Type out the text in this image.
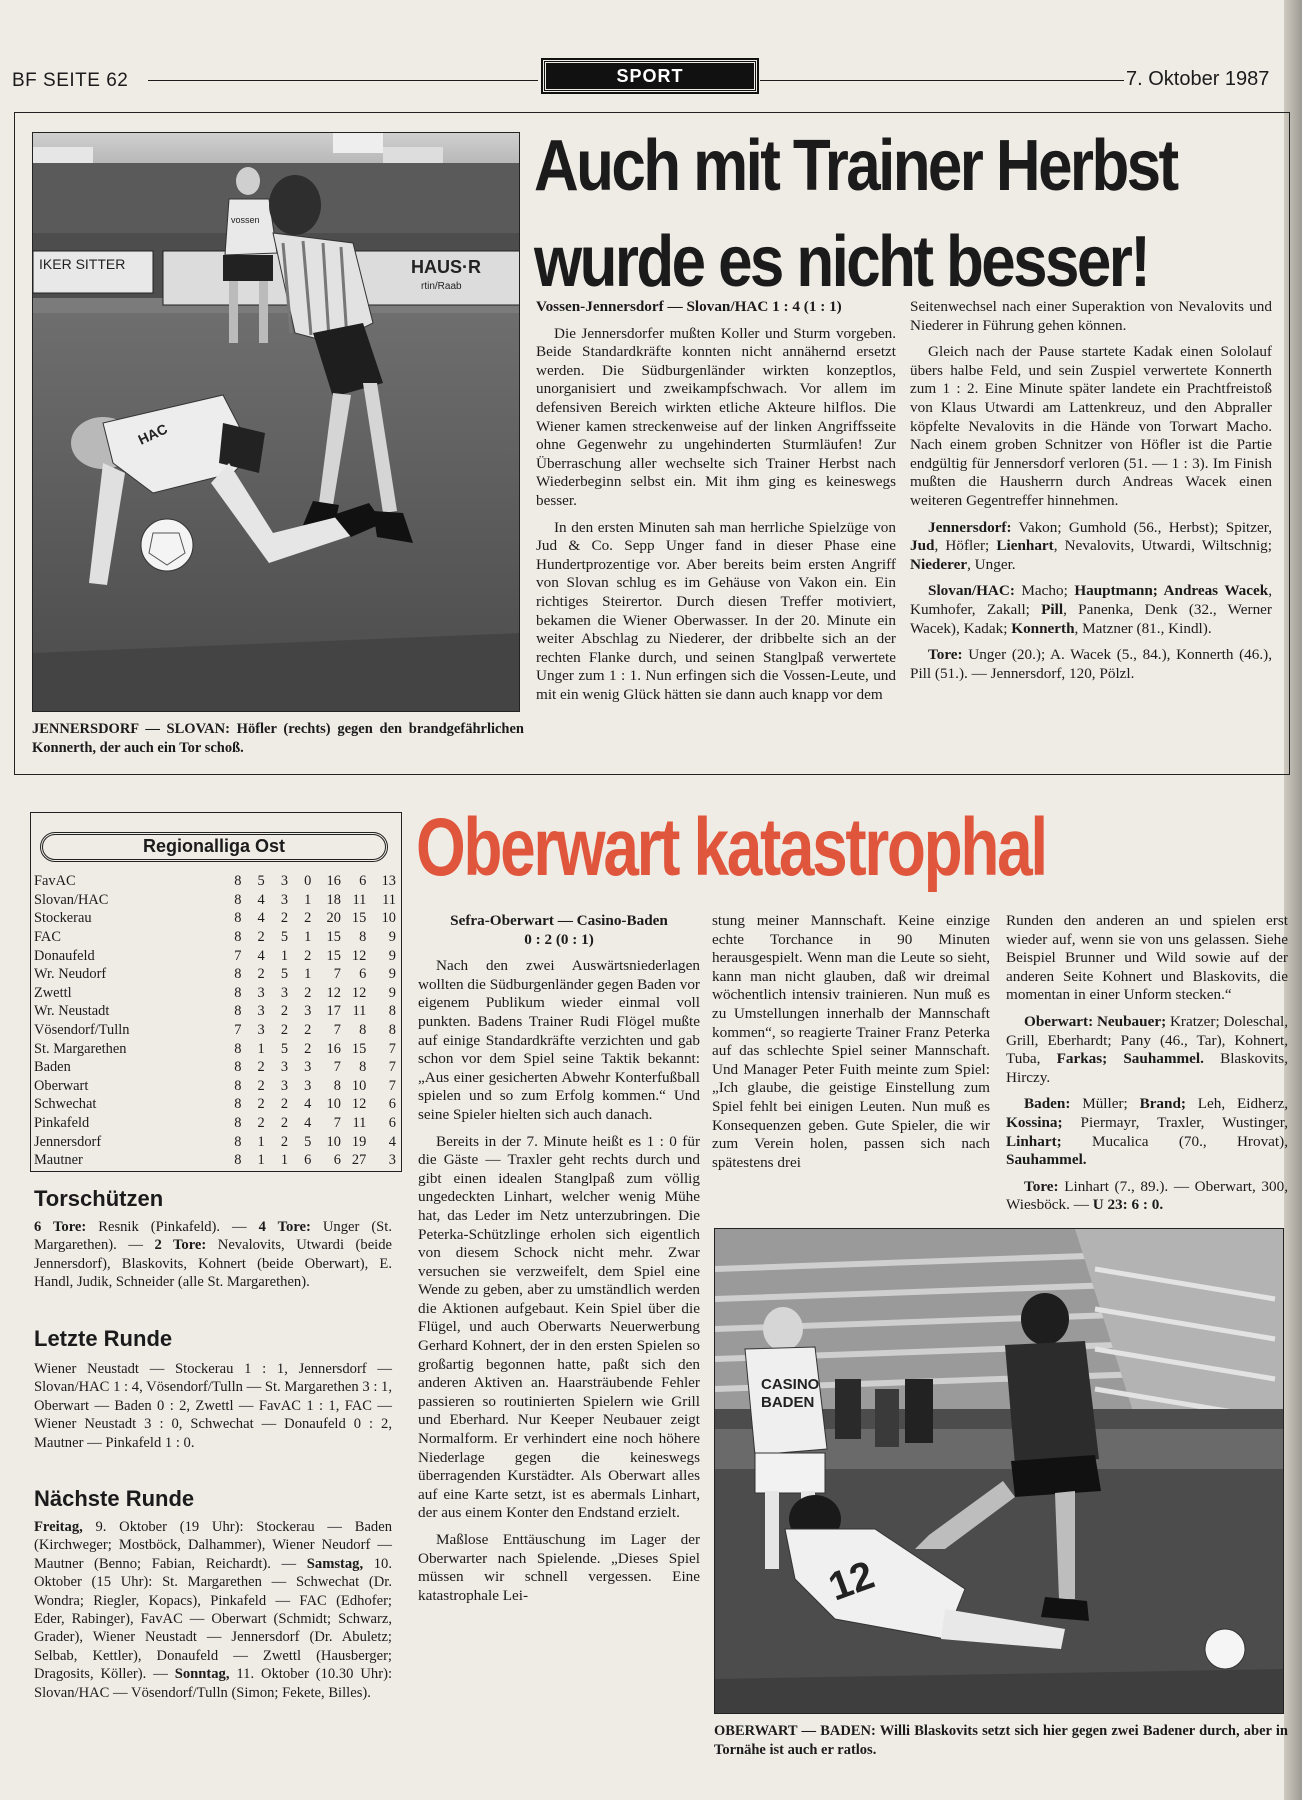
BF SEITE 62	SPORT	7. Oktober 1987
IKER SITTER	HAUS·R
rtin/Raab
vossen
HAC
JENNERSDORF — SLOVAN: Höfler (rechts) gegen den brandgefährlichen Konnerth, der auch ein Tor schoß.
Auch mit Trainer Herbst
wurde es nicht besser!

Vossen-Jennersdorf — Slovan/HAC 1 : 4 (1 : 1)

Die Jennersdorfer mußten Koller und Sturm vorgeben. Beide Standardkräfte konnten nicht annähernd ersetzt werden. Die Südburgenländer wirkten konzeptlos, unorganisiert und zweikampfschwach. Vor allem im defensiven Bereich wirkten etliche Akteure hilflos. Die Wiener kamen streckenweise auf der linken Angriffsseite ohne Gegenwehr zu ungehinderten Sturmläufen! Zur Überraschung aller wechselte sich Trainer Herbst nach Wiederbeginn selbst ein. Mit ihm ging es keineswegs besser.

In den ersten Minuten sah man herrliche Spielzüge von Jud & Co. Sepp Unger fand in dieser Phase eine Hundertprozentige vor. Aber bereits beim ersten Angriff von Slovan schlug es im Gehäuse von Vakon ein. Ein richtiges Steirertor. Durch diesen Treffer motiviert, bekamen die Wiener Oberwasser. In der 20. Minute ein weiter Abschlag zu Niederer, der dribbelte sich an der rechten Flanke durch, und seinen Stanglpaß verwertete Unger zum 1 : 1. Nun erfingen sich die Vossen-Leute, und mit ein wenig Glück hätten sie dann auch knapp vor dem

Seitenwechsel nach einer Superaktion von Nevalovits und Niederer in Führung gehen können.

Gleich nach der Pause startete Kadak einen Sololauf übers halbe Feld, und sein Zuspiel verwertete Konnerth zum 1 : 2. Eine Minute später landete ein Prachtfreistoß von Klaus Utwardi am Lattenkreuz, und den Abpraller köpfelte Nevalovits in die Hände von Torwart Macho. Nach einem groben Schnitzer von Höfler ist die Partie endgültig für Jennersdorf verloren (51. — 1 : 3). Im Finish mußten die Hausherrn durch Andreas Wacek einen weiteren Gegentreffer hinnehmen.

Jennersdorf: Vakon; Gumhold (56., Herbst); Spitzer, Jud, Höfler; Lienhart, Nevalovits, Utwardi, Wiltschnig; Niederer, Unger.

Slovan/HAC: Macho; Hauptmann; Andreas Wacek, Kumhofer, Zakall; Pill, Panenka, Denk (32., Werner Wacek), Kadak; Konnerth, Matzner (81., Kindl).

Tore: Unger (20.); A. Wacek (5., 84.), Konnerth (46.), Pill (51.). — Jennersdorf, 120, Pölzl.

Regionalliga Ost
FavAC	8	5	3	0	16	6	13
Slovan/HAC	8	4	3	1	18	11	11
Stockerau	8	4	2	2	20	15	10
FAC	8	2	5	1	15	8	9
Donaufeld	7	4	1	2	15	12	9
Wr. Neudorf	8	2	5	1	7	6	9
Zwettl	8	3	3	2	12	12	9
Wr. Neustadt	8	3	2	3	17	11	8
Vösendorf/Tulln	7	3	2	2	7	8	8
St. Margarethen	8	1	5	2	16	15	7
Baden	8	2	3	3	7	8	7
Oberwart	8	2	3	3	8	10	7
Schwechat	8	2	2	4	10	12	6
Pinkafeld	8	2	2	4	7	11	6
Jennersdorf	8	1	2	5	10	19	4
Mautner	8	1	1	6	6	27	3
Torschützen
6 Tore: Resnik (Pinkafeld). — 4 Tore: Unger (St. Margarethen). — 2 Tore: Nevalovits, Utwardi (beide Jennersdorf), Blaskovits, Kohnert (beide Oberwart), E. Handl, Judik, Schneider (alle St. Margarethen).
Letzte Runde
Wiener Neustadt — Stockerau 1 : 1, Jennersdorf — Slovan/HAC 1 : 4, Vösendorf/Tulln — St. Margarethen 3 : 1, Oberwart — Baden 0 : 2, Zwettl — FavAC 1 : 1, FAC — Wiener Neustadt 3 : 0, Schwechat — Donaufeld 0 : 2, Mautner — Pinkafeld 1 : 0.
Nächste Runde
Freitag, 9. Oktober (19 Uhr): Stockerau — Baden (Kirchweger; Mostböck, Dalhammer), Wiener Neudorf — Mautner (Benno; Fabian, Reichardt). — Samstag, 10. Oktober (15 Uhr): St. Margarethen — Schwechat (Dr. Wondra; Riegler, Kopacs), Pinkafeld — FAC (Edhofer; Eder, Rabinger), FavAC — Oberwart (Schmidt; Schwarz, Grader), Wiener Neustadt — Jennersdorf (Dr. Abuletz; Selbab, Kettler), Donaufeld — Zwettl (Hausberger; Dragosits, Köller). — Sonntag, 11. Oktober (10.30 Uhr): Slovan/HAC — Vösendorf/Tulln (Simon; Fekete, Billes).
Oberwart katastrophal
Sefra-Oberwart — Casino-Baden
0 : 2 (0 : 1)

Nach den zwei Auswärtsniederlagen wollten die Südburgenländer gegen Baden vor eigenem Publikum wieder einmal voll punkten. Badens Trainer Rudi Flögel mußte auf einige Standardkräfte verzichten und gab schon vor dem Spiel seine Taktik bekannt: „Aus einer gesicherten Abwehr Konterfußball spielen und so zum Erfolg kommen.“ Und seine Spieler hielten sich auch danach.

Bereits in der 7. Minute heißt es 1 : 0 für die Gäste — Traxler geht rechts durch und gibt einen idealen Stanglpaß zum völlig ungedeckten Linhart, welcher wenig Mühe hat, das Leder im Netz unterzubringen. Die Peterka-Schützlinge erholen sich eigentlich von diesem Schock nicht mehr. Zwar versuchen sie verzweifelt, dem Spiel eine Wende zu geben, aber zu umständlich werden die Aktionen aufgebaut. Kein Spiel über die Flügel, und auch Oberwarts Neuerwerbung Gerhard Kohnert, der in den ersten Spielen so großartig begonnen hatte, paßt sich den anderen Aktiven an. Haarsträubende Fehler passieren so routinierten Spielern wie Grill und Eberhard. Nur Keeper Neubauer zeigt Normalform. Er verhindert eine noch höhere Niederlage gegen die keineswegs überragenden Kurstädter. Als Oberwart alles auf eine Karte setzt, ist es abermals Linhart, der aus einem Konter den Endstand erzielt.

Maßlose Enttäuschung im Lager der Oberwarter nach Spielende. „Dieses Spiel müssen wir schnell vergessen. Eine katastrophale Lei-

stung meiner Mannschaft. Keine einzige echte Torchance in 90 Minuten herausgespielt. Wenn man die Leute so sieht, kann man nicht glauben, daß wir dreimal wöchentlich intensiv trainieren. Nun muß es zu Umstellungen innerhalb der Mannschaft kommen“, so reagierte Trainer Franz Peterka auf das schlechte Spiel seiner Mannschaft. Und Manager Peter Fuith meinte zum Spiel: „Ich glaube, die geistige Einstellung zum Spiel fehlt bei einigen Leuten. Nun muß es Konsequenzen geben. Gute Spieler, die wir zum Verein holen, passen sich nach spätestens drei

Runden den anderen an und spielen erst wieder auf, wenn sie von uns gelassen. Siehe Beispiel Brunner und Wild sowie auf der anderen Seite Kohnert und Blaskovits, die momentan in einer Unform stecken.“

Oberwart: Neubauer; Kratzer; Doleschal, Grill, Eberhardt; Pany (46., Tar), Kohnert, Tuba, Farkas; Sauhammel. Blaskovits, Hirczy.

Baden: Müller; Brand; Leh, Eidherz, Kossina; Piermayr, Traxler, Wustinger, Linhart; Mucalica (70., Hrovat), Sauhammel.

Tore: Linhart (7., 89.). — Oberwart, 300, Wiesböck. — U 23: 6 : 0.

CASINO
BADEN
12
OBERWART — BADEN: Willi Blaskovits setzt sich hier gegen zwei Badener durch, aber in Tornähe ist auch er ratlos.
